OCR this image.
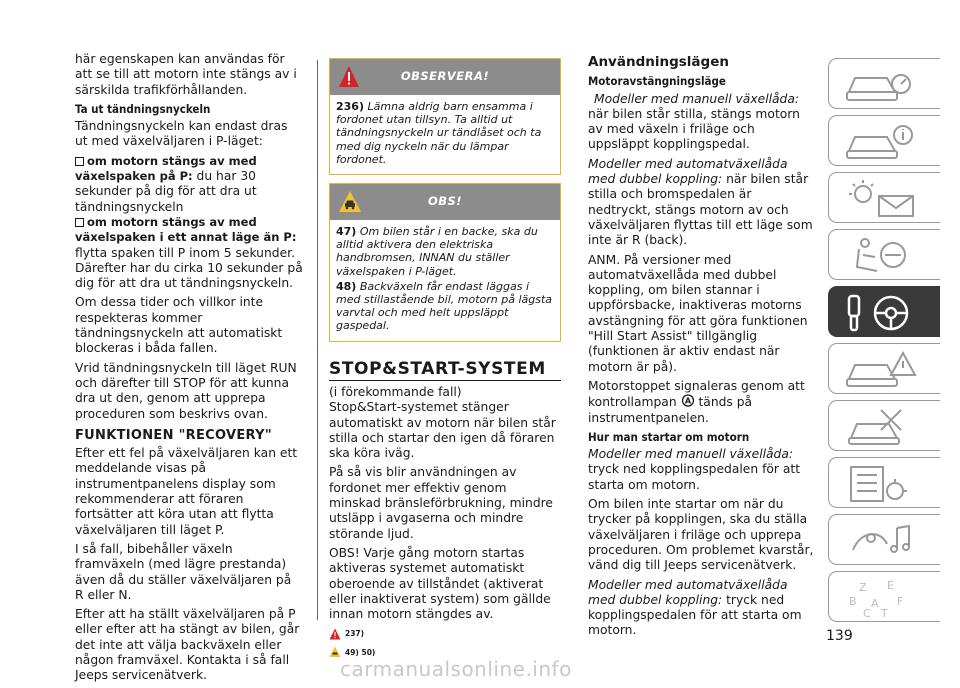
här egenskapen kan användas för att se till att motorn inte stängs av i särskilda trafikförhållanden.

Ta ut tändningsnyckeln

Tändningsnyckeln kan endast dras ut med växelväljaren i P-läget:

om motorn stängs av med växelspaken på P: du har 30 sekunder på dig för att dra ut tändningsnyckeln

om motorn stängs av med växelspaken i ett annat läge än P: flytta spaken till P inom 5 sekunder. Därefter har du cirka 10 sekunder på dig för att dra ut tändningsnyckeln.

Om dessa tider och villkor inte respekteras kommer tändningsnyckeln att automatiskt blockeras i båda fallen.

Vrid tändningsnyckeln till läget RUN och därefter till STOP för att kunna dra ut den, genom att upprepa proceduren som beskrivs ovan.

FUNKTIONEN "RECOVERY"

Efter ett fel på växelväljaren kan ett meddelande visas på instrumentpanelens display som rekommenderar att föraren fortsätter att köra utan att flytta växelväljaren till läget P.

I så fall, bibehåller växeln framväxeln (med lägre prestanda) även då du ställer växelväljaren på R eller N.

Efter att ha ställt växelväljaren på P eller efter att ha stängt av bilen, går det inte att välja backväxeln eller någon framväxel. Kontakta i så fall Jeeps servicenätverk.

OBSERVERA!

236) Lämna aldrig barn ensamma i fordonet utan tillsyn. Ta alltid ut tändningsnyckeln ur tändlåset och ta med dig nyckeln när du lämpar fordonet.

OBS!

47) Om bilen står i en backe, ska du alltid aktivera den elektriska handbromsen, INNAN du ställer växelspaken i P-läget.

48) Backväxeln får endast läggas i med stillastående bil, motorn på lägsta varvtal och med helt uppsläppt gaspedal.

STOP&START-SYSTEM

(i förekommande fall)
Stop&Start-systemet stänger automatiskt av motorn när bilen står stilla och startar den igen då föraren ska köra iväg.

På så vis blir användningen av fordonet mer effektiv genom minskad bränsleförbrukning, mindre utsläpp i avgaserna och mindre störande ljud.

OBS! Varje gång motorn startas aktiveras systemet automatiskt oberoende av tillståndet (aktiverat eller inaktiverat system) som gällde innan motorn stängdes av.

237)
49) 50)
Användningslägen
Motoravstängningsläge

Modeller med manuell växellåda: när bilen står stilla, stängs motorn av med växeln i friläge och uppsläppt kopplingspedal.

Modeller med automatväxellåda med dubbel koppling: när bilen står stilla och bromspedalen är nedtryckt, stängs motorn av och växelväljaren flyttas till ett läge som inte är R (back).

ANM. På versioner med automatväxellåda med dubbel koppling, om bilen stannar i uppförsbacke, inaktiveras motorns avstängning för att göra funktionen "Hill Start Assist" tillgänglig (funktionen är aktiv endast när motorn är på).

Motorstoppet signaleras genom att kontrollampan A tänds på instrumentpanelen.

Hur man startar om motorn

Modeller med manuell växellåda: tryck ned kopplingspedalen för att starta om motorn.

Om bilen inte startar om när du trycker på kopplingen, ska du ställa växelväljaren i friläge och upprepa proceduren. Om problemet kvarstår, vänd dig till Jeeps servicenätverk.

Modeller med automatväxellåda med dubbel koppling: tryck ned kopplingspedalen för att starta om motorn.

Z E
B A F
C T
139
carmanualsonline.info
